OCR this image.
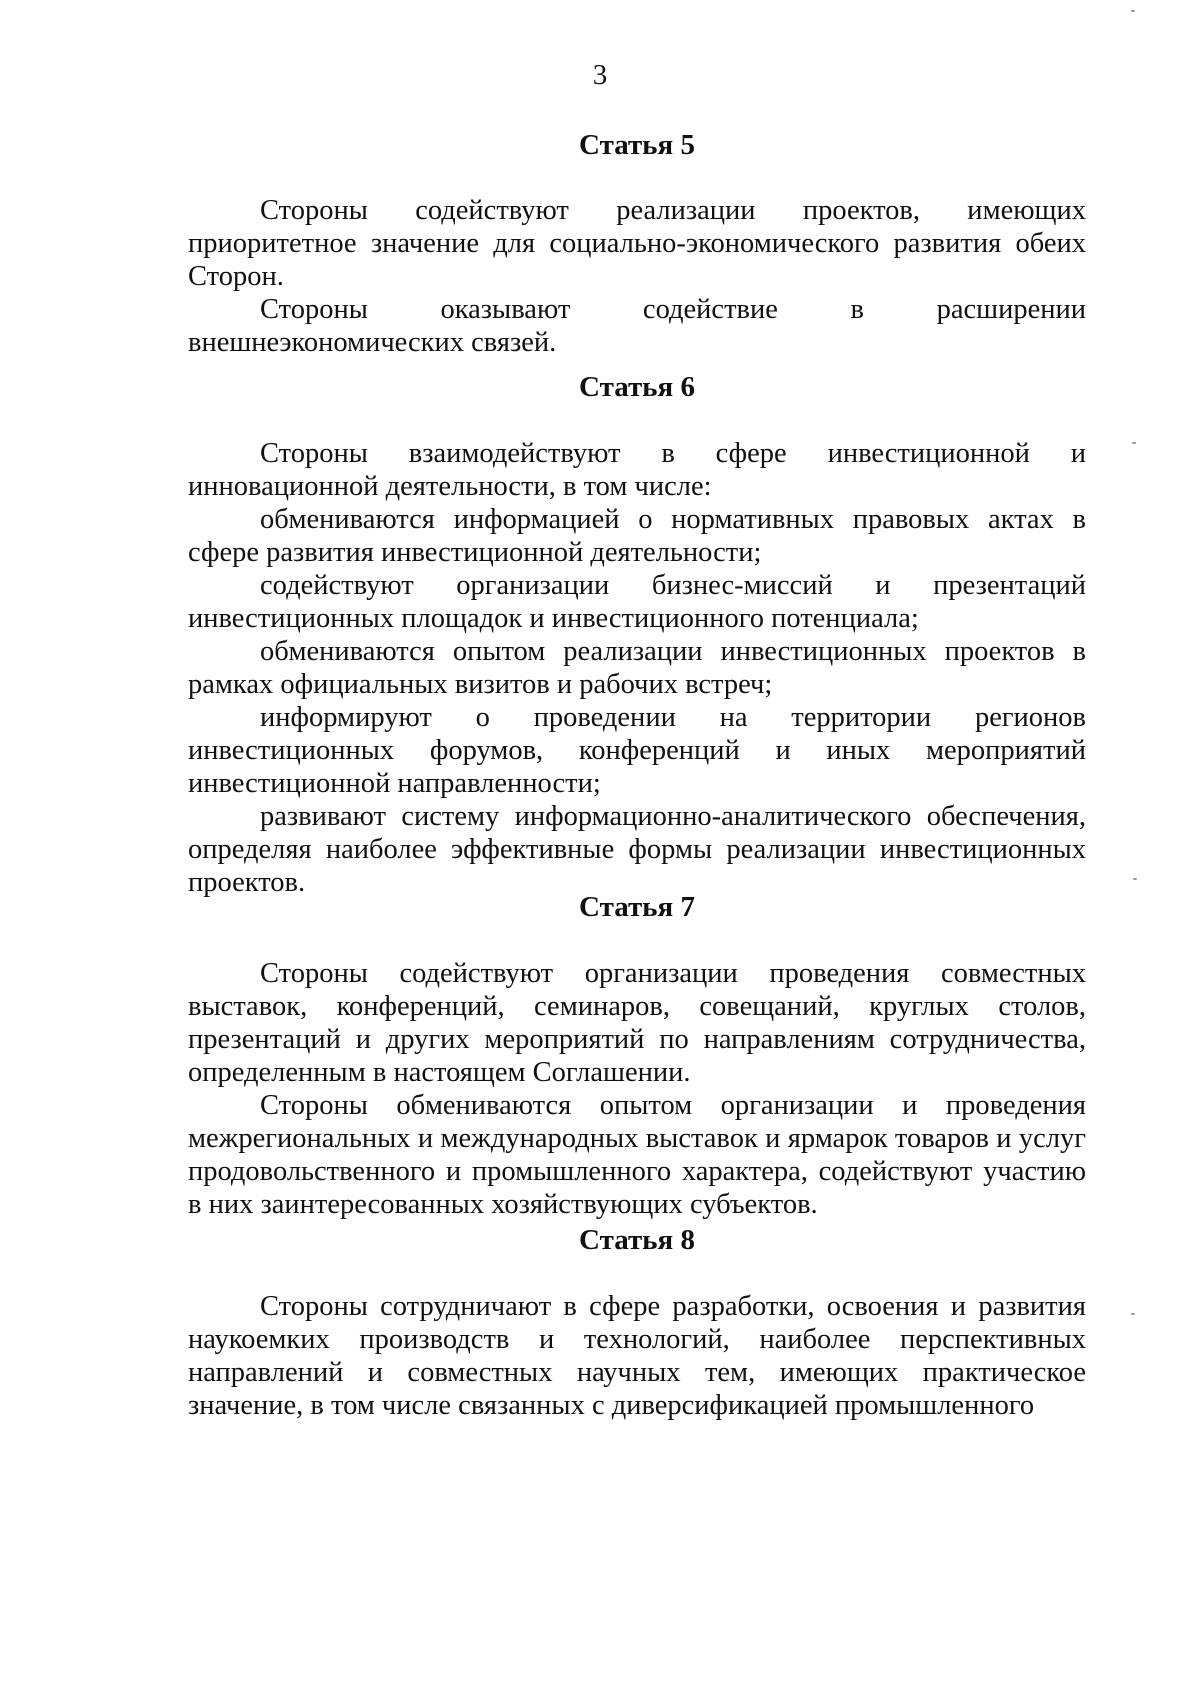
3
Статья 5

Стороны содействуют реализации проектов, имеющих приоритетное значение для социально-экономического развития обеих Сторон.

Стороны оказывают содействие в расширении внешнеэкономических связей.

Статья 6

Стороны взаимодействуют в сфере инвестиционной и инновационной деятельности, в том числе:

обмениваются информацией о нормативных правовых актах в сфере развития инвестиционной деятельности;

содействуют организации бизнес-миссий и презентаций инвестиционных площадок и инвестиционного потенциала;

обмениваются опытом реализации инвестиционных проектов в рамках официальных визитов и рабочих встреч;

информируют о проведении на территории регионов инвестиционных форумов, конференций и иных мероприятий инвестиционной направленности;

развивают систему информационно-аналитического обеспечения, определяя наиболее эффективные формы реализации инвестиционных проектов.

Статья 7

Стороны содействуют организации проведения совместных выставок, конференций, семинаров, совещаний, круглых столов, презентаций и других мероприятий по направлениям сотрудничества, определенным в настоящем Соглашении.

Стороны обмениваются опытом организации и проведения межрегиональных и международных выставок и ярмарок товаров и услуг продовольственного и промышленного характера, содействуют участию в них заинтересованных хозяйствующих субъектов.

Статья 8

Стороны сотрудничают в сфере разработки, освоения и развития наукоемких производств и технологий, наиболее перспективных направлений и совместных научных тем, имеющих практическое значение, в том числе связанных с диверсификацией промышленного
